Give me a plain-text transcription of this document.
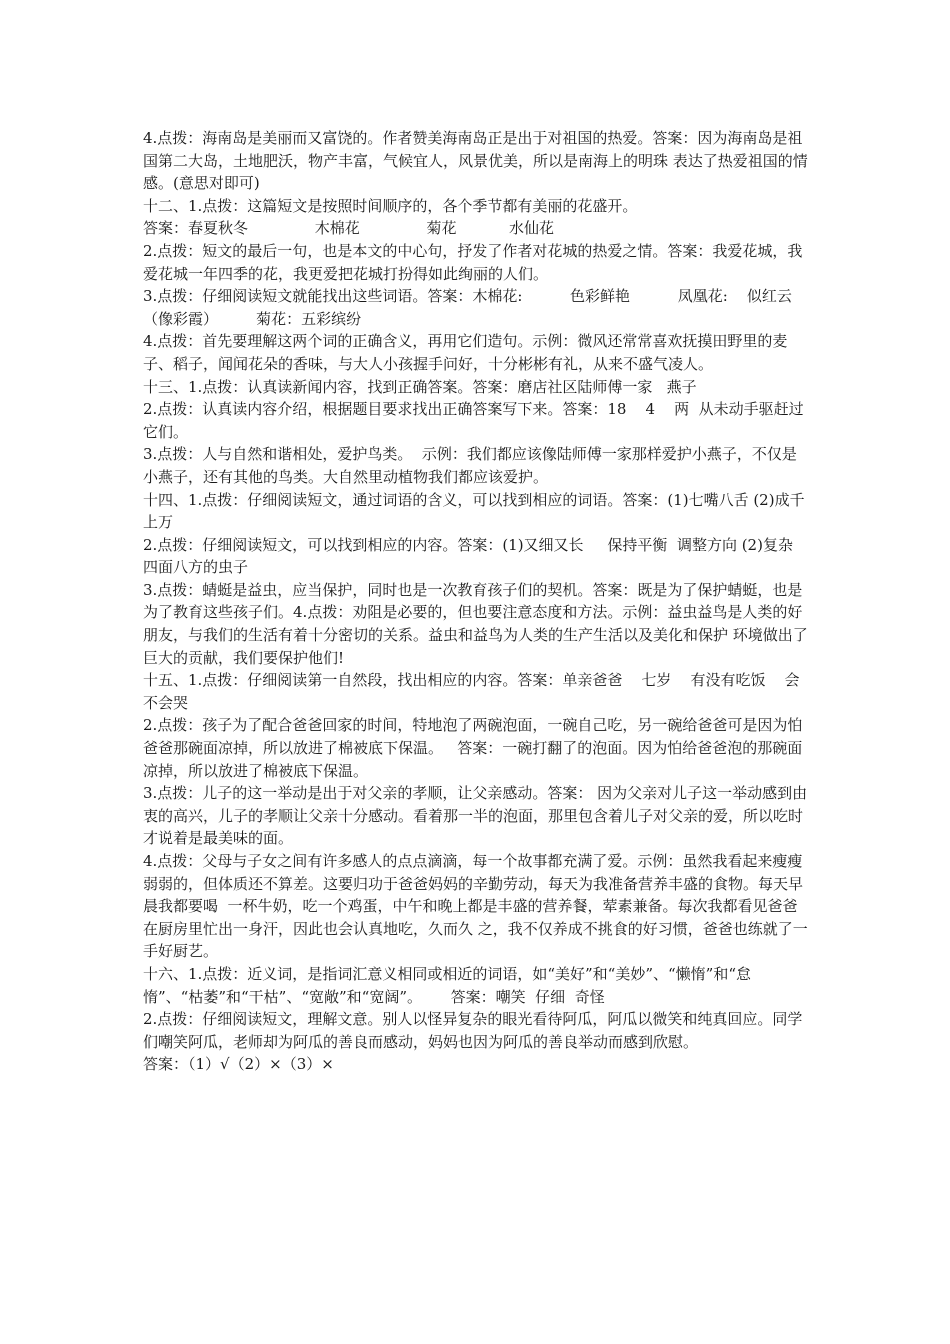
4.点拨：海南岛是美丽而又富饶的。作者赞美海南岛正是出于对祖国的热爱。答案：因为海南岛是祖国第二大岛，土地肥沃，物产丰富，气候宜人，风景优美，所以是南海上的明珠 表达了热爱祖国的情感。(意思对即可)

十二、1.点拨：这篇短文是按照时间顺序的，各个季节都有美丽的花盛开。

答案：春夏秋冬              木棉花              菊花           水仙花

2.点拨：短文的最后一句，也是本文的中心句，抒发了作者对花城的热爱之情。答案：我爱花城，我爱花城一年四季的花，我更爱把花城打扮得如此绚丽的人们。

3.点拨：仔细阅读短文就能找出这些词语。答案：木棉花:          色彩鲜艳          凤凰花:    似红云（像彩霞）        菊花：五彩缤纷

4.点拨：首先要理解这两个词的正确含义，再用它们造句。示例：微风还常常喜欢抚摸田野里的麦子、稻子，闻闻花朵的香味，与大人小孩握手问好，十分彬彬有礼，从来不盛气凌人。

十三、1.点拨：认真读新闻内容，找到正确答案。答案：磨店社区陆师傅一家   燕子

2.点拨：认真读内容介绍，根据题目要求找出正确答案写下来。答案：18    4    两  从未动手驱赶过它们。

3.点拨：人与自然和谐相处，爱护鸟类。  示例：我们都应该像陆师傅一家那样爱护小燕子，不仅是小燕子，还有其他的鸟类。大自然里动植物我们都应该爱护。

十四、1.点拨：仔细阅读短文，通过词语的含义，可以找到相应的词语。答案：(1)七嘴八舌 (2)成千上万

2.点拨：仔细阅读短文，可以找到相应的内容。答案：(1)又细又长     保持平衡  调整方向 (2)复杂   四面八方的虫子

3.点拨：蜻蜓是益虫，应当保护，同时也是一次教育孩子们的契机。答案：既是为了保护蜻蜓，也是为了教育这些孩子们。4.点拨：劝阻是必要的，但也要注意态度和方法。示例：益虫益鸟是人类的好朋友，与我们的生活有着十分密切的关系。益虫和益鸟为人类的生产生活以及美化和保护 环境做出了巨大的贡献，我们要保护他们!

十五、1.点拨：仔细阅读第一自然段，找出相应的内容。答案：单亲爸爸    七岁    有没有吃饭    会不会哭

2.点拨：孩子为了配合爸爸回家的时间，特地泡了两碗泡面，一碗自己吃，另一碗给爸爸可是因为怕爸爸那碗面凉掉，所以放进了棉被底下保温。   答案：一碗打翻了的泡面。因为怕给爸爸泡的那碗面凉掉，所以放进了棉被底下保温。

3.点拨：儿子的这一举动是出于对父亲的孝顺，让父亲感动。答案： 因为父亲对儿子这一举动感到由衷的高兴，儿子的孝顺让父亲十分感动。看着那一半的泡面，那里包含着儿子对父亲的爱，所以吃时才说着是最美味的面。

4.点拨：父母与子女之间有许多感人的点点滴滴，每一个故事都充满了爱。示例：虽然我看起来瘦瘦弱弱的，但体质还不算差。这要归功于爸爸妈妈的辛勤劳动，每天为我准备营养丰盛的食物。每天早晨我都要喝  一杯牛奶，吃一个鸡蛋，中午和晚上都是丰盛的营养餐，荤素兼备。每次我都看见爸爸在厨房里忙出一身汗，因此也会认真地吃，久而久 之，我不仅养成不挑食的好习惯，爸爸也练就了一手好厨艺。

十六、1.点拨：近义词，是指词汇意义相同或相近的词语，如“美好”和“美妙”、“懒惰”和“怠惰”、“枯萎”和“干枯”、“宽敞”和“宽阔”。      答案：嘲笑  仔细  奇怪

2.点拨：仔细阅读短文，理解文意。别人以怪异复杂的眼光看待阿瓜，阿瓜以微笑和纯真回应。同学们嘲笑阿瓜，老师却为阿瓜的善良而感动，妈妈也因为阿瓜的善良举动而感到欣慰。

答案：（1）√（2）×（3）×
